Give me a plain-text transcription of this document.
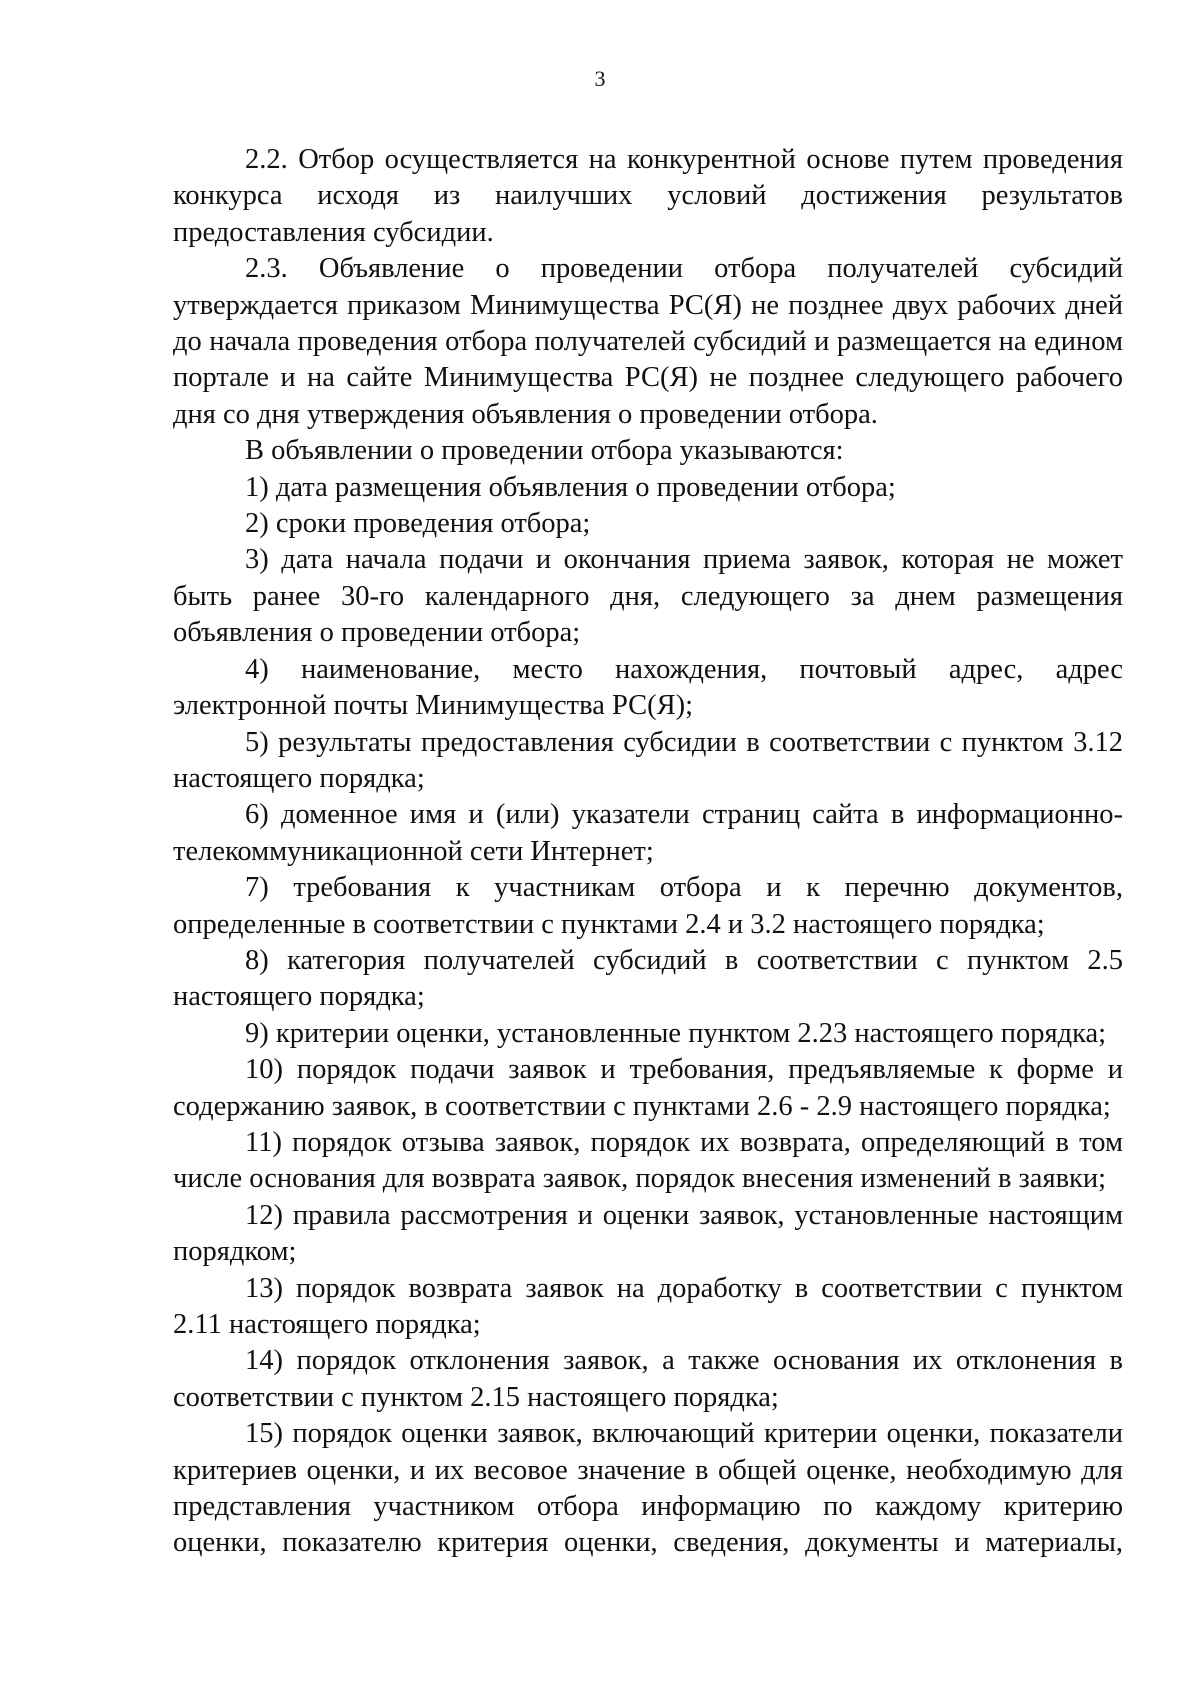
3

2.2. Отбор осуществляется на конкурентной основе путем проведения конкурса исходя из наилучших условий достижения результатов предоставления субсидии.

2.3. Объявление о проведении отбора получателей субсидий утверждается приказом Минимущества РС(Я) не позднее двух рабочих дней до начала проведения отбора получателей субсидий и размещается на едином портале и на сайте Минимущества РС(Я) не позднее следующего рабочего дня со дня утверждения объявления о проведении отбора.

В объявлении о проведении отбора указываются:

1) дата размещения объявления о проведении отбора;

2) сроки проведения отбора;

3) дата начала подачи и окончания приема заявок, которая не может быть ранее 30-го календарного дня, следующего за днем размещения объявления о проведении отбора;

4) наименование, место нахождения, почтовый адрес, адрес электронной почты Минимущества РС(Я);

5) результаты предоставления субсидии в соответствии с пунктом 3.12 настоящего порядка;

6) доменное имя и (или) указатели страниц сайта в информационно-телекоммуникационной сети Интернет;

7) требования к участникам отбора и к перечню документов, определенные в соответствии с пунктами 2.4 и 3.2 настоящего порядка;

8) категория получателей субсидий в соответствии с пунктом 2.5 настоящего порядка;

9) критерии оценки, установленные пунктом 2.23 настоящего порядка;

10) порядок подачи заявок и требования, предъявляемые к форме и содержанию заявок, в соответствии с пунктами 2.6 - 2.9 настоящего порядка;

11) порядок отзыва заявок, порядок их возврата, определяющий в том числе основания для возврата заявок, порядок внесения изменений в заявки;

12) правила рассмотрения и оценки заявок, установленные настоящим порядком;

13) порядок возврата заявок на доработку в соответствии с пунктом 2.11 настоящего порядка;

14) порядок отклонения заявок, а также основания их отклонения в соответствии с пунктом 2.15 настоящего порядка;

15) порядок оценки заявок, включающий критерии оценки, показатели критериев оценки, и их весовое значение в общей оценке, необходимую для представления участником отбора информацию по каждому критерию оценки, показателю критерия оценки, сведения, документы и материалы,
